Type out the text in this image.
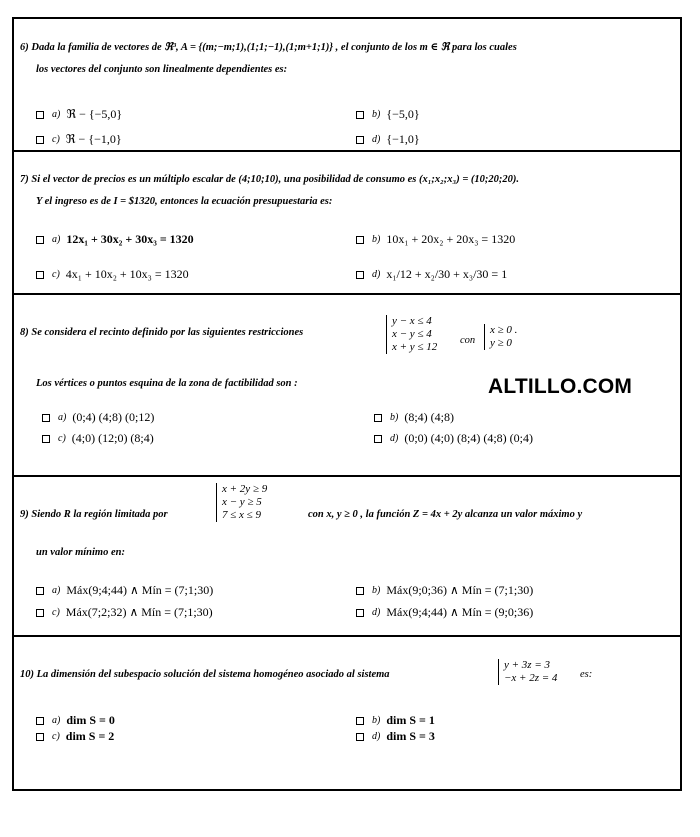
6) Dada la familia de vectores de ℜ³, A = {(m;−m;1),(1;1;−1),(1;m+1;1)} , el conjunto de los m ∈ ℜ para los cuales
los vectores del conjunto son linealmente dependientes es:
a) ℜ − {−5,0}	b) {−5,0}
c) ℜ − {−1,0}	d) {−1,0}
7) Si el vector de precios es un múltiplo escalar de (4;10;10), una posibilidad de consumo es (x₁;x₂;x₃) = (10;20;20).
Y el ingreso es de I = $1320, entonces la ecuación presupuestaria es:
a) 12x₁ + 30x₂ + 30x₃ = 1320	b) 10x₁ + 20x₂ + 20x₃ = 1320
c) 4x₁ + 10x₂ + 10x₃ = 1320	d) x₁/12 + x₂/30 + x₃/30 = 1
8) Se considera el recinto definido por las siguientes restricciones
y − x ≤ 4
x − y ≤ 4
x + y ≤ 12
con
x ≥ 0 .
y ≥ 0
Los vértices o puntos esquina de la zona de factibilidad son :	ALTILLO.COM
a) (0;4) (4;8) (0;12)	b) (8;4) (4;8)
c) (4;0) (12;0) (8;4)	d) (0;0) (4;0) (8;4) (4;8) (0;4)
9) Siendo R la región limitada por
x + 2y ≥ 9
x − y ≥ 5
7 ≤ x ≤ 9	con x, y ≥ 0 , la función Z = 4x + 2y alcanza un valor máximo y
un valor mínimo en:
a) Máx(9;4;44) ∧ Mín = (7;1;30)	b) Máx(9;0;36) ∧ Mín = (7;1;30)
c) Máx(7;2;32) ∧ Mín = (7;1;30)	d) Máx(9;4;44) ∧ Mín = (9;0;36)
10) La dimensión del subespacio solución del sistema homogéneo asociado al sistema
y + 3z = 3
−x + 2z = 4 es:
a) dim S = 0	b) dim S = 1
c) dim S = 2	d) dim S = 3
